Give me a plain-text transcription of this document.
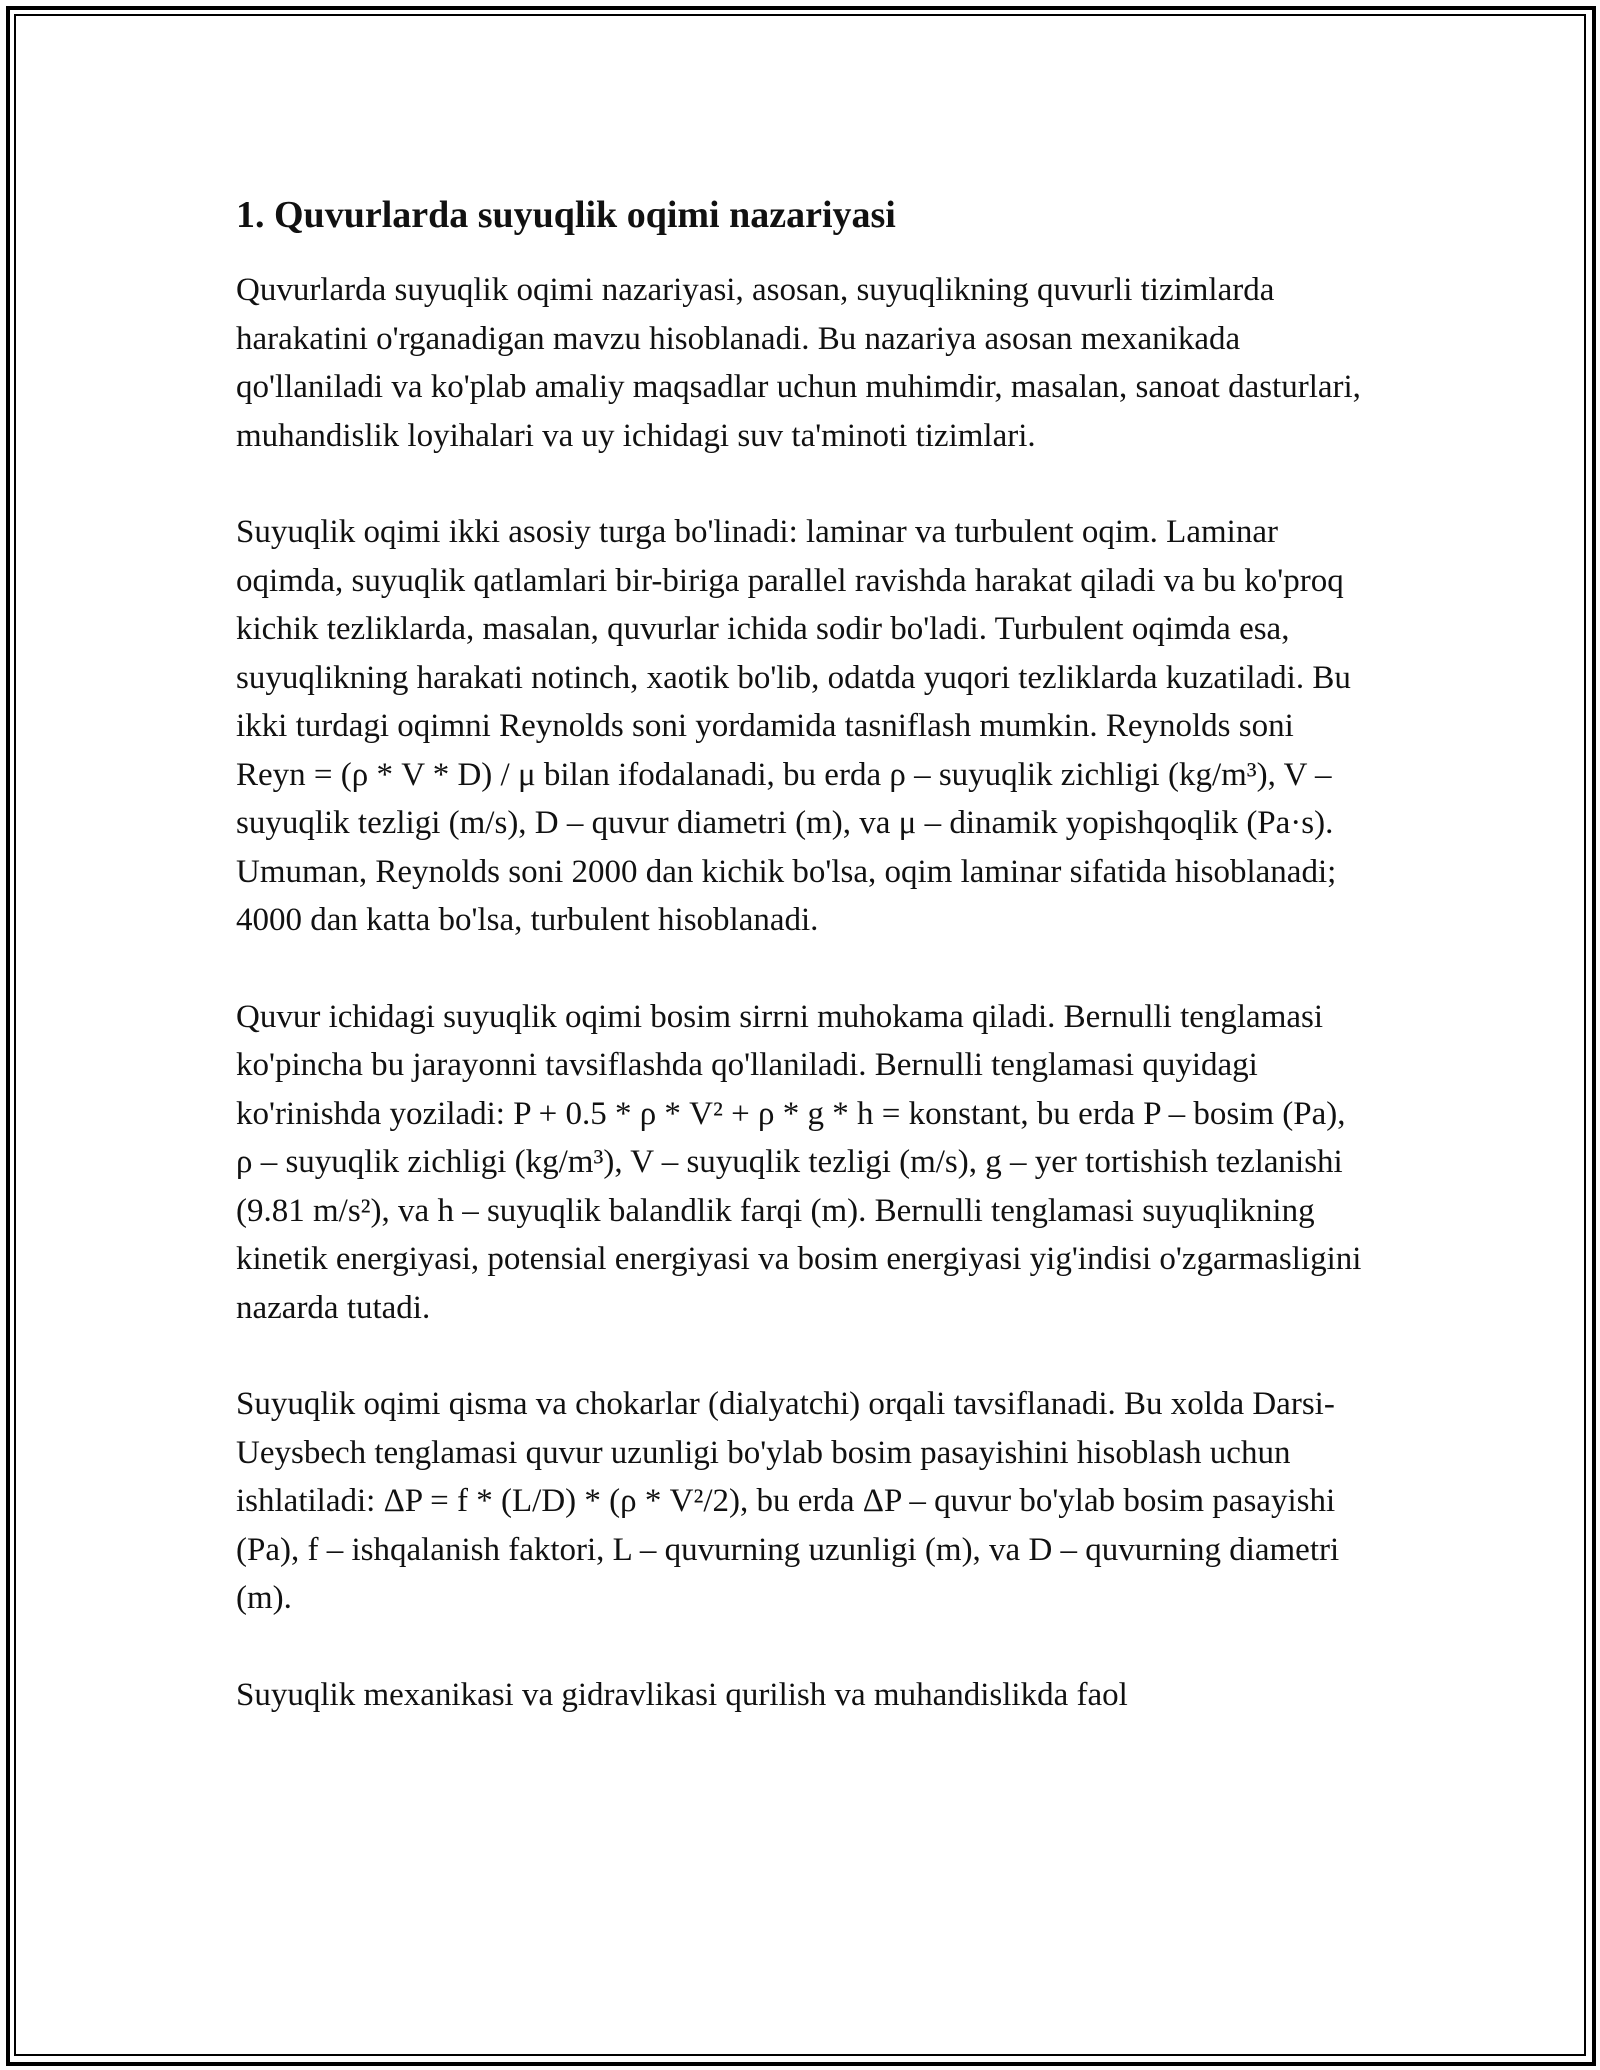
1. Quvurlarda suyuqlik oqimi nazariyasi

Quvurlarda suyuqlik oqimi nazariyasi, asosan, suyuqlikning quvurli tizimlarda harakatini o'rganadigan mavzu hisoblanadi. Bu nazariya asosan mexanikada qo'llaniladi va ko'plab amaliy maqsadlar uchun muhimdir, masalan, sanoat dasturlari, muhandislik loyihalari va uy ichidagi suv ta'minoti tizimlari.

Suyuqlik oqimi ikki asosiy turga bo'linadi: laminar va turbulent oqim. Laminar oqimda, suyuqlik qatlamlari bir-biriga parallel ravishda harakat qiladi va bu ko'proq kichik tezliklarda, masalan, quvurlar ichida sodir bo'ladi. Turbulent oqimda esa, suyuqlikning harakati notinch, xaotik bo'lib, odatda yuqori tezliklarda kuzatiladi. Bu ikki turdagi oqimni Reynolds soni yordamida tasniflash mumkin. Reynolds soni Reyn = (ρ * V * D) / μ bilan ifodalanadi, bu erda ρ – suyuqlik zichligi (kg/m³), V – suyuqlik tezligi (m/s), D – quvur diametri (m), va μ – dinamik yopishqoqlik (Pa·s). Umuman, Reynolds soni 2000 dan kichik bo'lsa, oqim laminar sifatida hisoblanadi; 4000 dan katta bo'lsa, turbulent hisoblanadi.

Quvur ichidagi suyuqlik oqimi bosim sirrni muhokama qiladi. Bernulli tenglamasi ko'pincha bu jarayonni tavsiflashda qo'llaniladi. Bernulli tenglamasi quyidagi ko'rinishda yoziladi: P + 0.5 * ρ * V² + ρ * g * h = konstant, bu erda P – bosim (Pa), ρ – suyuqlik zichligi (kg/m³), V – suyuqlik tezligi (m/s), g – yer tortishish tezlanishi (9.81 m/s²), va h – suyuqlik balandlik farqi (m). Bernulli tenglamasi suyuqlikning kinetik energiyasi, potensial energiyasi va bosim energiyasi yig'indisi o'zgarmasligini nazarda tutadi.

Suyuqlik oqimi qisma va chokarlar (dialyatchi) orqali tavsiflanadi. Bu xolda Darsi-Ueysbech tenglamasi quvur uzunligi bo'ylab bosim pasayishini hisoblash uchun ishlatiladi: ΔP = f * (L/D) * (ρ * V²/2), bu erda ΔP – quvur bo'ylab bosim pasayishi (Pa), f – ishqalanish faktori, L – quvurning uzunligi (m), va D – quvurning diametri (m).

Suyuqlik mexanikasi va gidravlikasi qurilish va muhandislikda faol
